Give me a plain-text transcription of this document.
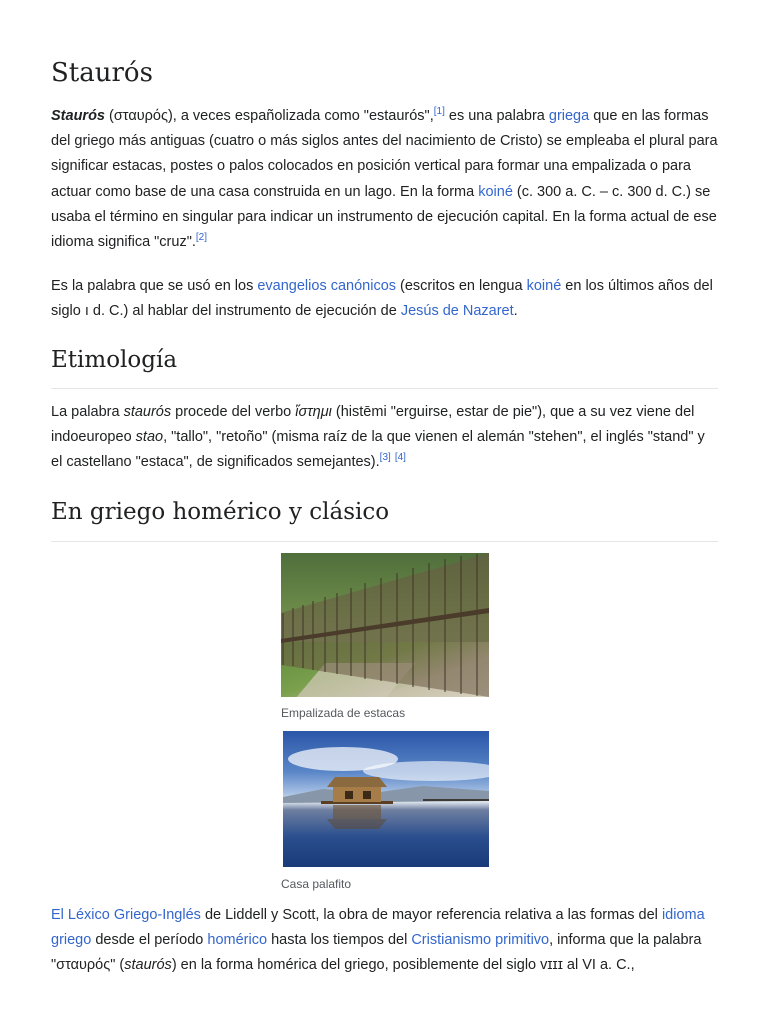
Staurós

Staurós (σταυρός), a veces españolizada como "estaurós",[1] es una palabra griega que en las formas del griego más antiguas (cuatro o más siglos antes del nacimiento de Cristo) se empleaba el plural para significar estacas, postes o palos colocados en posición vertical para formar una empalizada o para actuar como base de una casa construida en un lago. En la forma koiné (c. 300 a. C. – c. 300 d. C.) se usaba el término en singular para indicar un instrumento de ejecución capital. En la forma actual de ese idioma significa "cruz".[2]

Es la palabra que se usó en los evangelios canónicos (escritos en lengua koiné en los últimos años del siglo ı d. C.) al hablar del instrumento de ejecución de Jesús de Nazaret.

Etimología

La palabra staurós procede del verbo ἵστημι (histēmi "erguirse, estar de pie"), que a su vez viene del indoeuropeo stao, "tallo", "retoño" (misma raíz de la que vienen el alemán "stehen", el inglés "stand" y el castellano "estaca", de significados semejantes).[3] [4]

En griego homérico y clásico
Empalizada de estacas
Casa palafito

El Léxico Griego-Inglés de Liddell y Scott, la obra de mayor referencia relativa a las formas del idioma griego desde el período homérico hasta los tiempos del Cristianismo primitivo, informa que la palabra "σταυρός" (staurós) en la forma homérica del griego, posiblemente del siglo ᴠɪɪɪ al VI a. C.,
